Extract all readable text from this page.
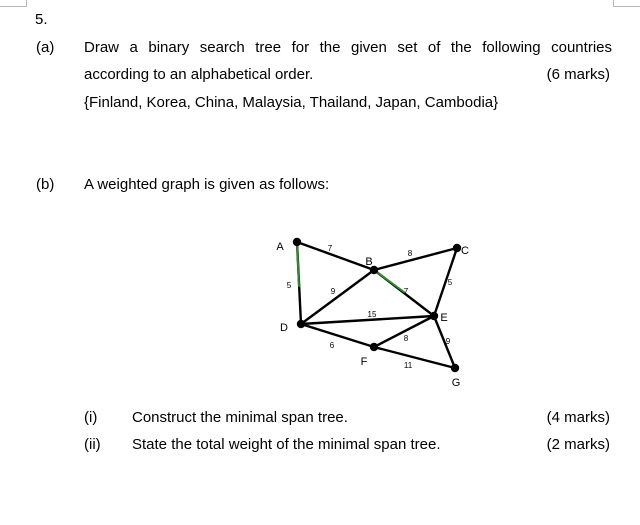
5.
(a) Draw a binary search tree for the given set of the following countries
according to an alphabetical order.	(6 marks)
{Finland, Korea, China, Malaysia, Thailand, Japan, Cambodia}
(b) A weighted graph is given as follows:
7
5
8
9	7
5
15
6
8	9
11
A
B
C
D
E
F
G
(i) Construct the minimal span tree.	(4 marks)
(ii) State the total weight of the minimal span tree.	(2 marks)
